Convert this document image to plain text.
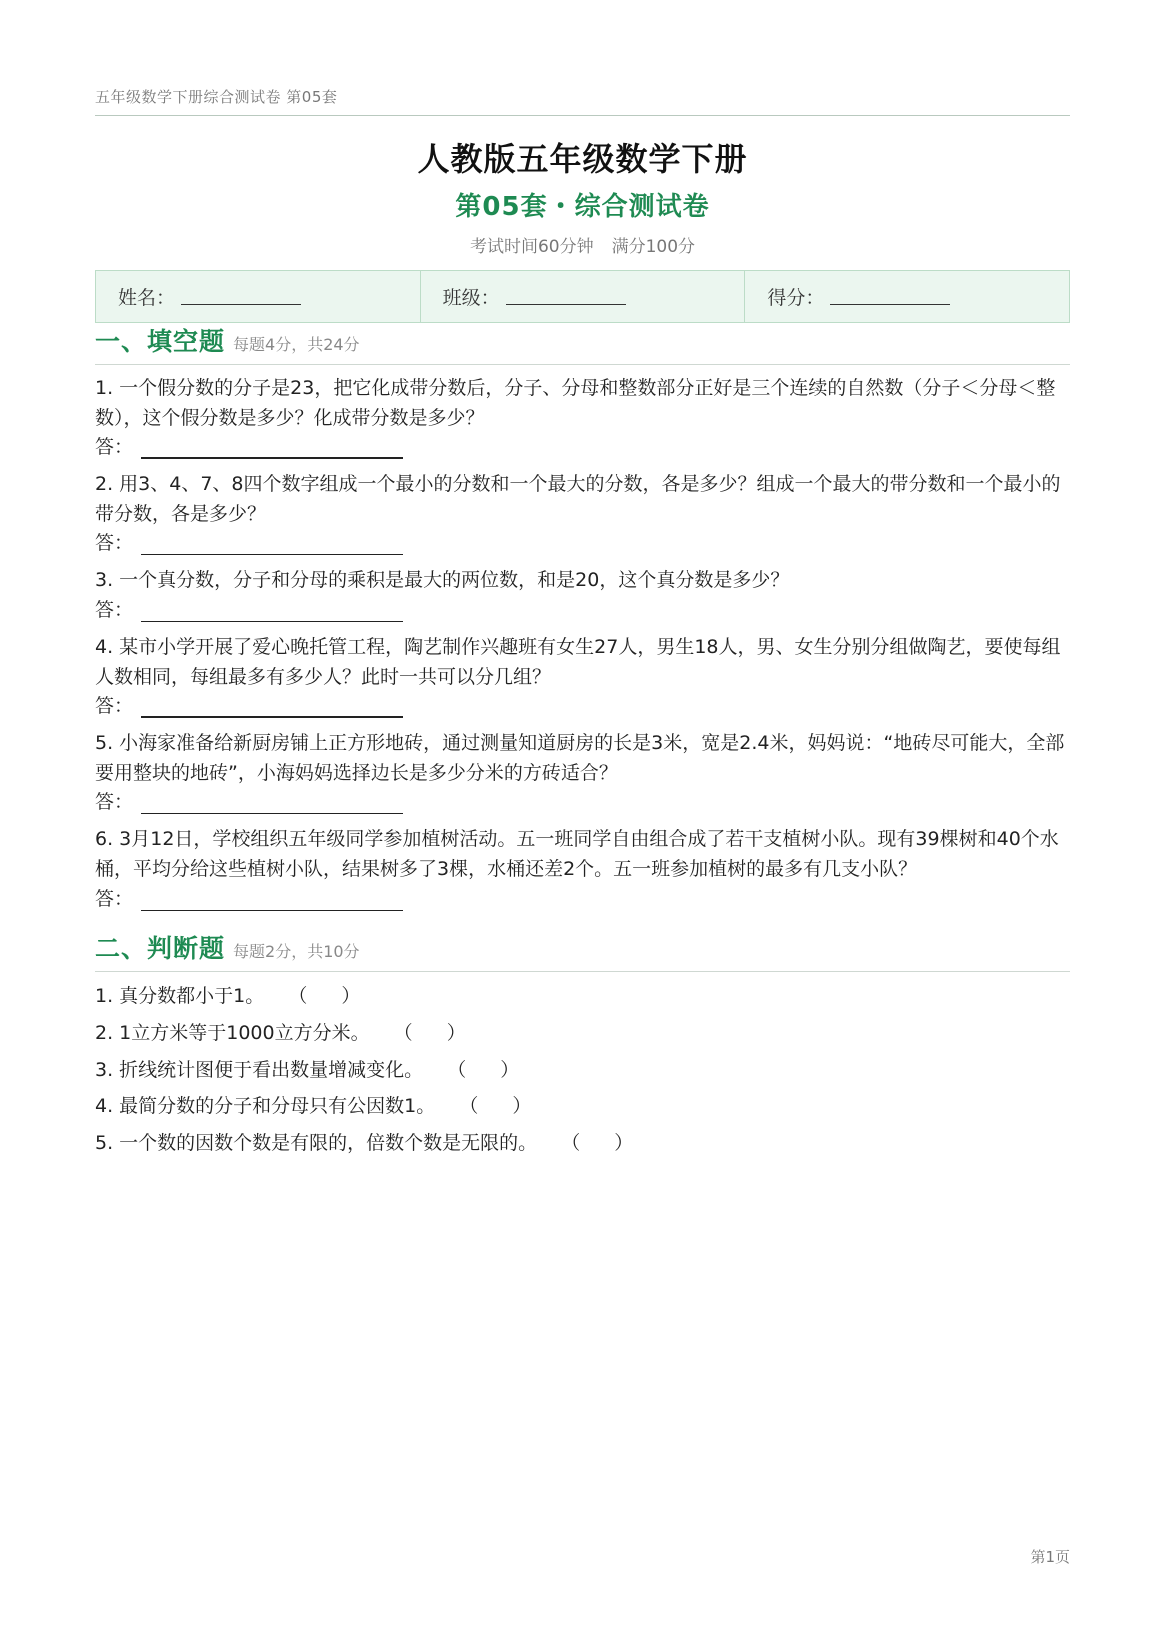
五年级数学下册综合测试卷 第05套
人教版五年级数学下册
第05套・综合测试卷
考试时间60分钟 满分100分
姓名：	班级：	得分：
一、填空题 每题4分，共24分
1. 一个假分数的分子是23，把它化成带分数后，分子、分母和整数部分正好是三个连续的自然数（分子＜分母＜整数），这个假分数是多少？化成带分数是多少？
答：
2. 用3、4、7、8四个数字组成一个最小的分数和一个最大的分数，各是多少？组成一个最大的带分数和一个最小的带分数，各是多少？
答：
3. 一个真分数，分子和分母的乘积是最大的两位数，和是20，这个真分数是多少？
答：
4. 某市小学开展了爱心晚托管工程，陶艺制作兴趣班有女生27人，男生18人，男、女生分别分组做陶艺，要使每组人数相同，每组最多有多少人？此时一共可以分几组？
答：
5. 小海家准备给新厨房铺上正方形地砖，通过测量知道厨房的长是3米，宽是2.4米，妈妈说：“地砖尽可能大，全部要用整块的地砖”，小海妈妈选择边长是多少分米的方砖适合？
答：
6. 3月12日，学校组织五年级同学参加植树活动。五一班同学自由组合成了若干支植树小队。现有39棵树和40个水桶，平均分给这些植树小队，结果树多了3棵，水桶还差2个。五一班参加植树的最多有几支小队？
答：
二、判断题 每题2分，共10分
1. 真分数都小于1。 （ ）
2. 1立方米等于1000立方分米。 （ ）
3. 折线统计图便于看出数量增减变化。 （ ）
4. 最简分数的分子和分母只有公因数1。 （ ）
5. 一个数的因数个数是有限的，倍数个数是无限的。 （ ）
第1页
